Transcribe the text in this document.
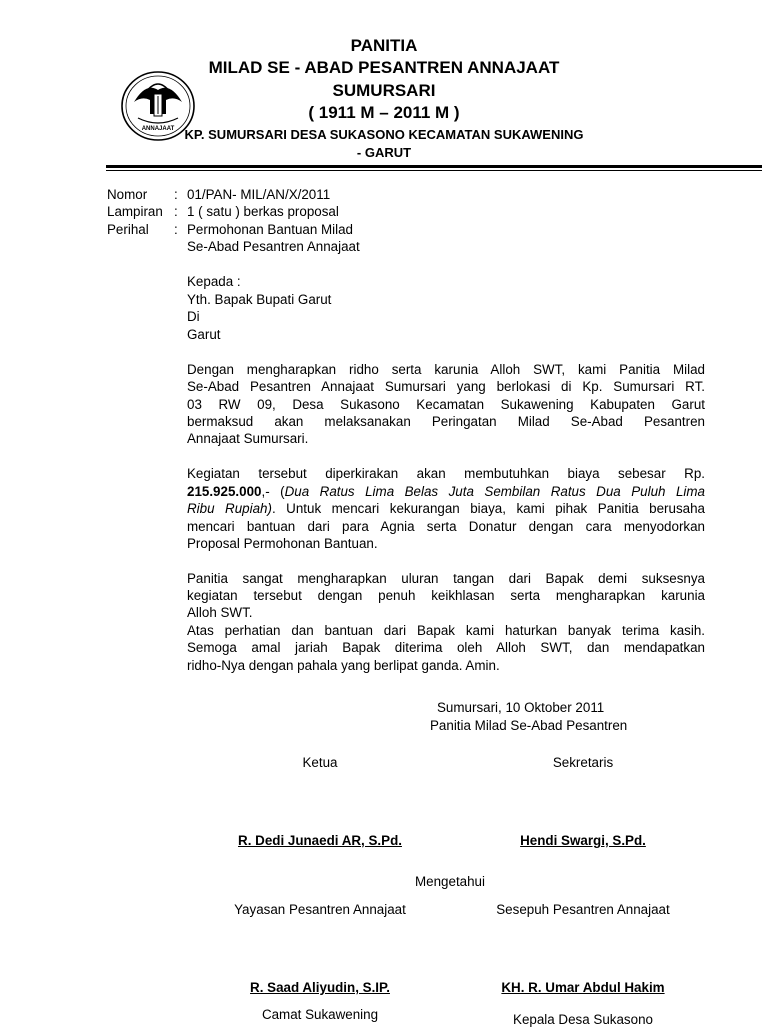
ANNAJAAT
PANITIA
MILAD SE - ABAD PESANTREN ANNAJAAT
SUMURSARI
( 1911 M – 2011 M )
KP. SUMURSARI DESA SUKASONO KECAMATAN SUKAWENING
- GARUT
Nomor : 01/PAN- MIL/AN/X/2011
Lampiran : 1 ( satu ) berkas proposal
Perihal : Permohonan Bantuan Milad
Se-Abad Pesantren Annajaat
Kepada :
Yth. Bapak Bupati Garut
Di
Garut
Dengan mengharapkan ridho serta karunia Alloh SWT, kami Panitia Milad
Se-Abad Pesantren Annajaat Sumursari yang berlokasi di Kp. Sumursari RT.
03 RW 09, Desa Sukasono Kecamatan Sukawening Kabupaten Garut
bermaksud akan melaksanakan Peringatan Milad Se-Abad Pesantren
Annajaat Sumursari.
Kegiatan tersebut diperkirakan akan membutuhkan biaya sebesar Rp.
215.925.000,- (Dua Ratus Lima Belas Juta Sembilan Ratus Dua Puluh Lima
Ribu Rupiah). Untuk mencari kekurangan biaya, kami pihak Panitia berusaha
mencari bantuan dari para Agnia serta Donatur dengan cara menyodorkan
Proposal Permohonan Bantuan.
Panitia sangat mengharapkan uluran tangan dari Bapak demi suksesnya
kegiatan tersebut dengan penuh keikhlasan serta mengharapkan karunia
Alloh SWT.
Atas perhatian dan bantuan dari Bapak kami haturkan banyak terima kasih.
Semoga amal jariah Bapak diterima oleh Alloh SWT, dan mendapatkan
ridho-Nya dengan pahala yang berlipat ganda. Amin.
Sumursari, 10 Oktober 2011
Panitia Milad Se-Abad Pesantren
Ketua	Sekretaris
R. Dedi Junaedi AR, S.Pd.	Hendi Swargi, S.Pd.
Mengetahui
Yayasan Pesantren Annajaat	Sesepuh Pesantren Annajaat
R. Saad Aliyudin, S.IP.	KH. R. Umar Abdul Hakim
Camat Sukawening	Kepala Desa Sukasono
